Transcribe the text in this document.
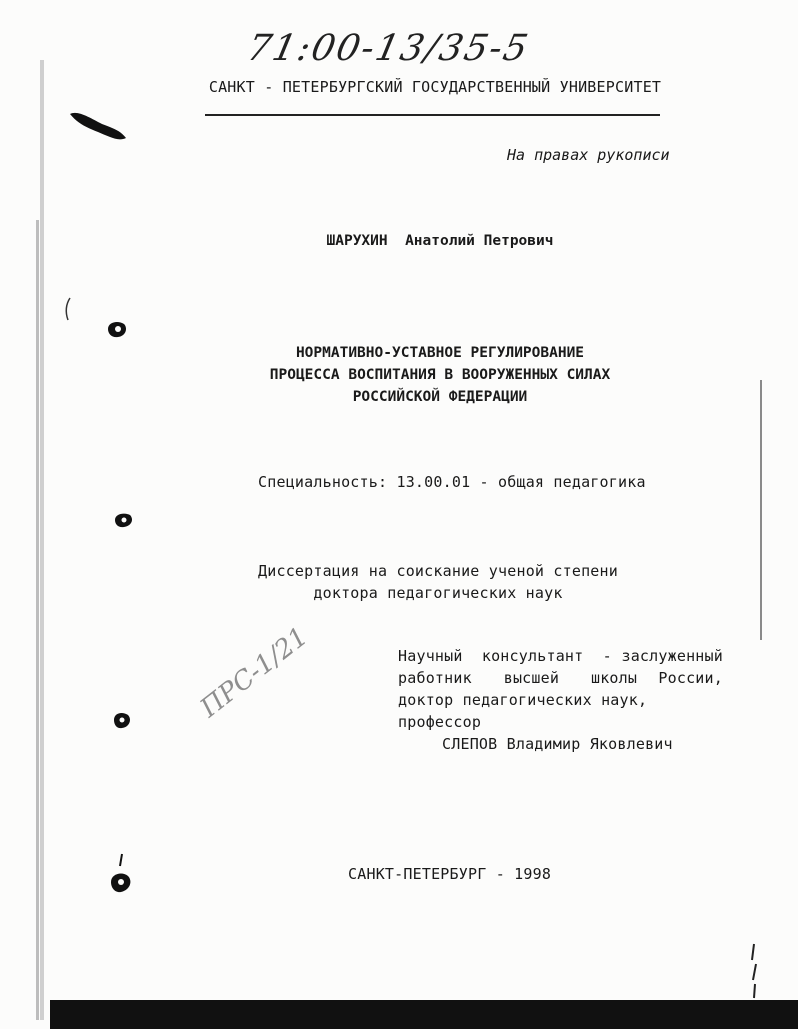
71:00-13/35-5
САНКТ - ПЕТЕРБУРГСКИЙ ГОСУДАРСТВЕННЫЙ УНИВЕРСИТЕТ
На правах рукописи
ШАРУХИН  Анатолий Петрович
НОРМАТИВНО-УСТАВНОЕ РЕГУЛИРОВАНИЕ
ПРОЦЕССА ВОСПИТАНИЯ В ВООРУЖЕННЫХ СИЛАХ
РОССИЙСКОЙ ФЕДЕРАЦИИ
Специальность: 13.00.01 - общая педагогика
Диссертация на соискание ученой степени
доктора педагогических наук
Научный  консультант  - заслуженный
работник   высшей   школы  России,
доктор педагогических наук, профессор
СЛЕПОВ Владимир Яковлевич
САНКТ-ПЕТЕРБУРГ - 1998
ПРС-1/21
